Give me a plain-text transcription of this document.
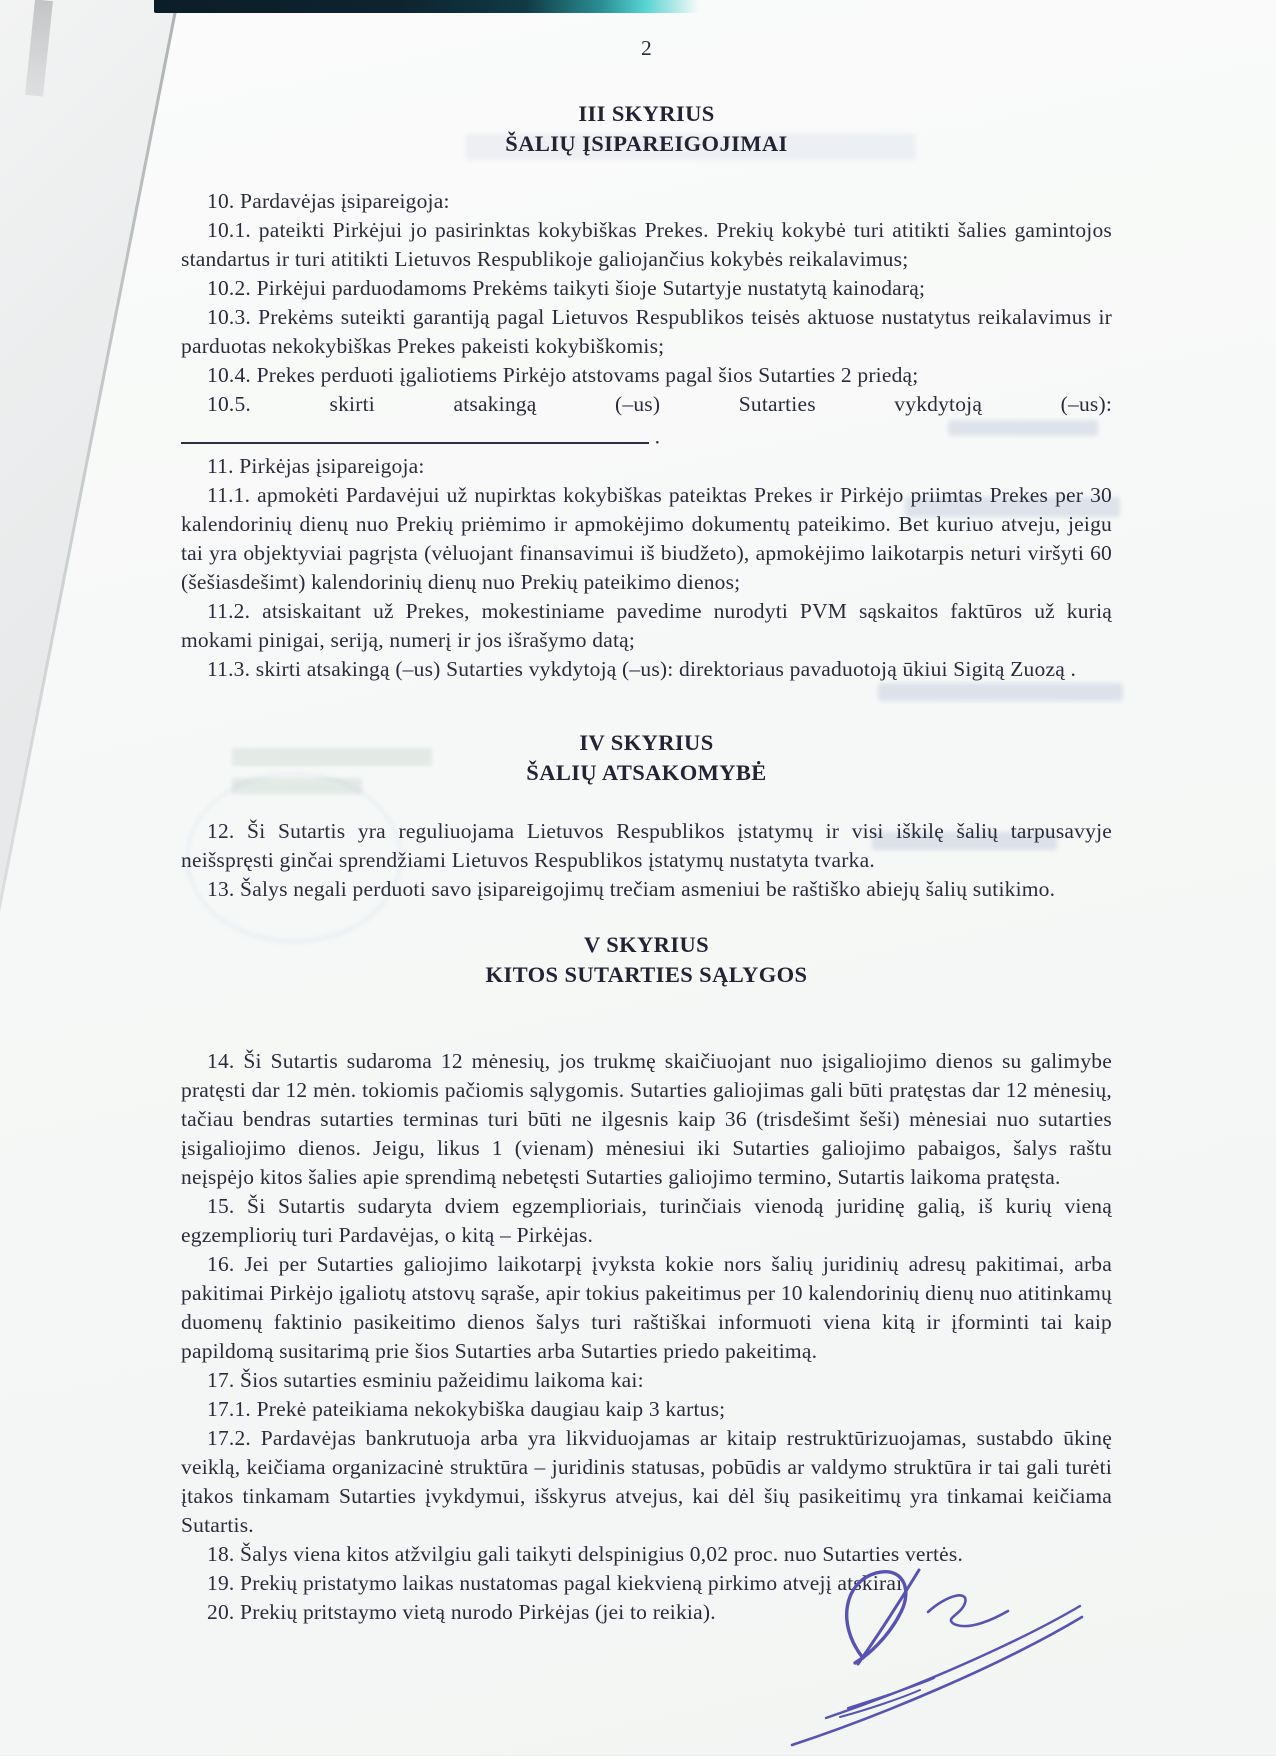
2

III SKYRIUS
ŠALIŲ ĮSIPAREIGOJIMAI

10. Pardavėjas įsipareigoja:

10.1. pateikti Pirkėjui jo pasirinktas kokybiškas Prekes. Prekių kokybė turi atitikti šalies gamintojos standartus ir turi atitikti Lietuvos Respublikoje galiojančius kokybės reikalavimus;

10.2. Pirkėjui parduodamoms Prekėms taikyti šioje Sutartyje nustatytą kainodarą;

10.3. Prekėms suteikti garantiją pagal Lietuvos Respublikos teisės aktuose nustatytus reikalavimus ir parduotas nekokybiškas Prekes pakeisti kokybiškomis;

10.4. Prekes perduoti įgaliotiems Pirkėjo atstovams pagal šios Sutarties 2 priedą;

10.5. skirti atsakingą (–us) Sutarties vykdytoją (–us):  .

11. Pirkėjas įsipareigoja:

11.1. apmokėti Pardavėjui už nupirktas kokybiškas pateiktas Prekes ir Pirkėjo priimtas Prekes per 30 kalendorinių dienų nuo Prekių priėmimo ir apmokėjimo dokumentų pateikimo. Bet kuriuo atveju, jeigu tai yra objektyviai pagrįsta (vėluojant finansavimui iš biudžeto), apmokėjimo laikotarpis neturi viršyti 60 (šešiasdešimt) kalendorinių dienų nuo Prekių pateikimo dienos;

11.2. atsiskaitant už Prekes, mokestiniame pavedime nurodyti PVM sąskaitos faktūros už kurią mokami pinigai, seriją, numerį ir jos išrašymo datą;

11.3. skirti atsakingą (–us) Sutarties vykdytoją (–us): direktoriaus pavaduotoją ūkiui Sigitą Zuozą .

IV SKYRIUS
ŠALIŲ ATSAKOMYBĖ

12. Ši Sutartis yra reguliuojama Lietuvos Respublikos įstatymų ir visi iškilę šalių tarpusavyje neišspręsti ginčai sprendžiami Lietuvos Respublikos įstatymų nustatyta tvarka.

13. Šalys negali perduoti savo įsipareigojimų trečiam asmeniui be raštiško abiejų šalių sutikimo.

V SKYRIUS
KITOS SUTARTIES SĄLYGOS

14. Ši Sutartis sudaroma 12 mėnesių, jos trukmę skaičiuojant nuo įsigaliojimo dienos su galimybe pratęsti dar 12 mėn. tokiomis pačiomis sąlygomis. Sutarties galiojimas gali būti pratęstas dar 12 mėnesių, tačiau bendras sutarties terminas turi būti ne ilgesnis kaip 36 (trisdešimt šeši) mėnesiai nuo sutarties įsigaliojimo dienos. Jeigu, likus 1 (vienam) mėnesiui iki Sutarties galiojimo pabaigos, šalys raštu neįspėjo kitos šalies apie sprendimą nebetęsti Sutarties galiojimo termino, Sutartis laikoma pratęsta.

15. Ši Sutartis sudaryta dviem egzemplioriais, turinčiais vienodą juridinę galią, iš kurių vieną egzempliorių turi Pardavėjas, o kitą – Pirkėjas.

16. Jei per Sutarties galiojimo laikotarpį įvyksta kokie nors šalių juridinių adresų pakitimai, arba pakitimai Pirkėjo įgaliotų atstovų sąraše, apir tokius pakeitimus per 10 kalendorinių dienų nuo atitinkamų duomenų faktinio pasikeitimo dienos šalys turi raštiškai informuoti viena kitą ir įforminti tai kaip papildomą susitarimą prie šios Sutarties arba Sutarties priedo pakeitimą.

17. Šios sutarties esminiu pažeidimu laikoma kai:

17.1. Prekė pateikiama nekokybiška daugiau kaip 3 kartus;

17.2. Pardavėjas bankrutuoja arba yra likviduojamas ar kitaip restruktūrizuojamas, sustabdo ūkinę veiklą, keičiama organizacinė struktūra – juridinis statusas, pobūdis ar valdymo struktūra ir tai gali turėti įtakos tinkamam Sutarties įvykdymui, išskyrus atvejus, kai dėl šių pasikeitimų yra tinkamai keičiama Sutartis.

18. Šalys viena kitos atžvilgiu gali taikyti delspinigius 0,02 proc. nuo Sutarties vertės.

19. Prekių pristatymo laikas nustatomas pagal kiekvieną pirkimo atvejį atskirai.

20. Prekių pritstaymo vietą nurodo Pirkėjas (jei to reikia).
